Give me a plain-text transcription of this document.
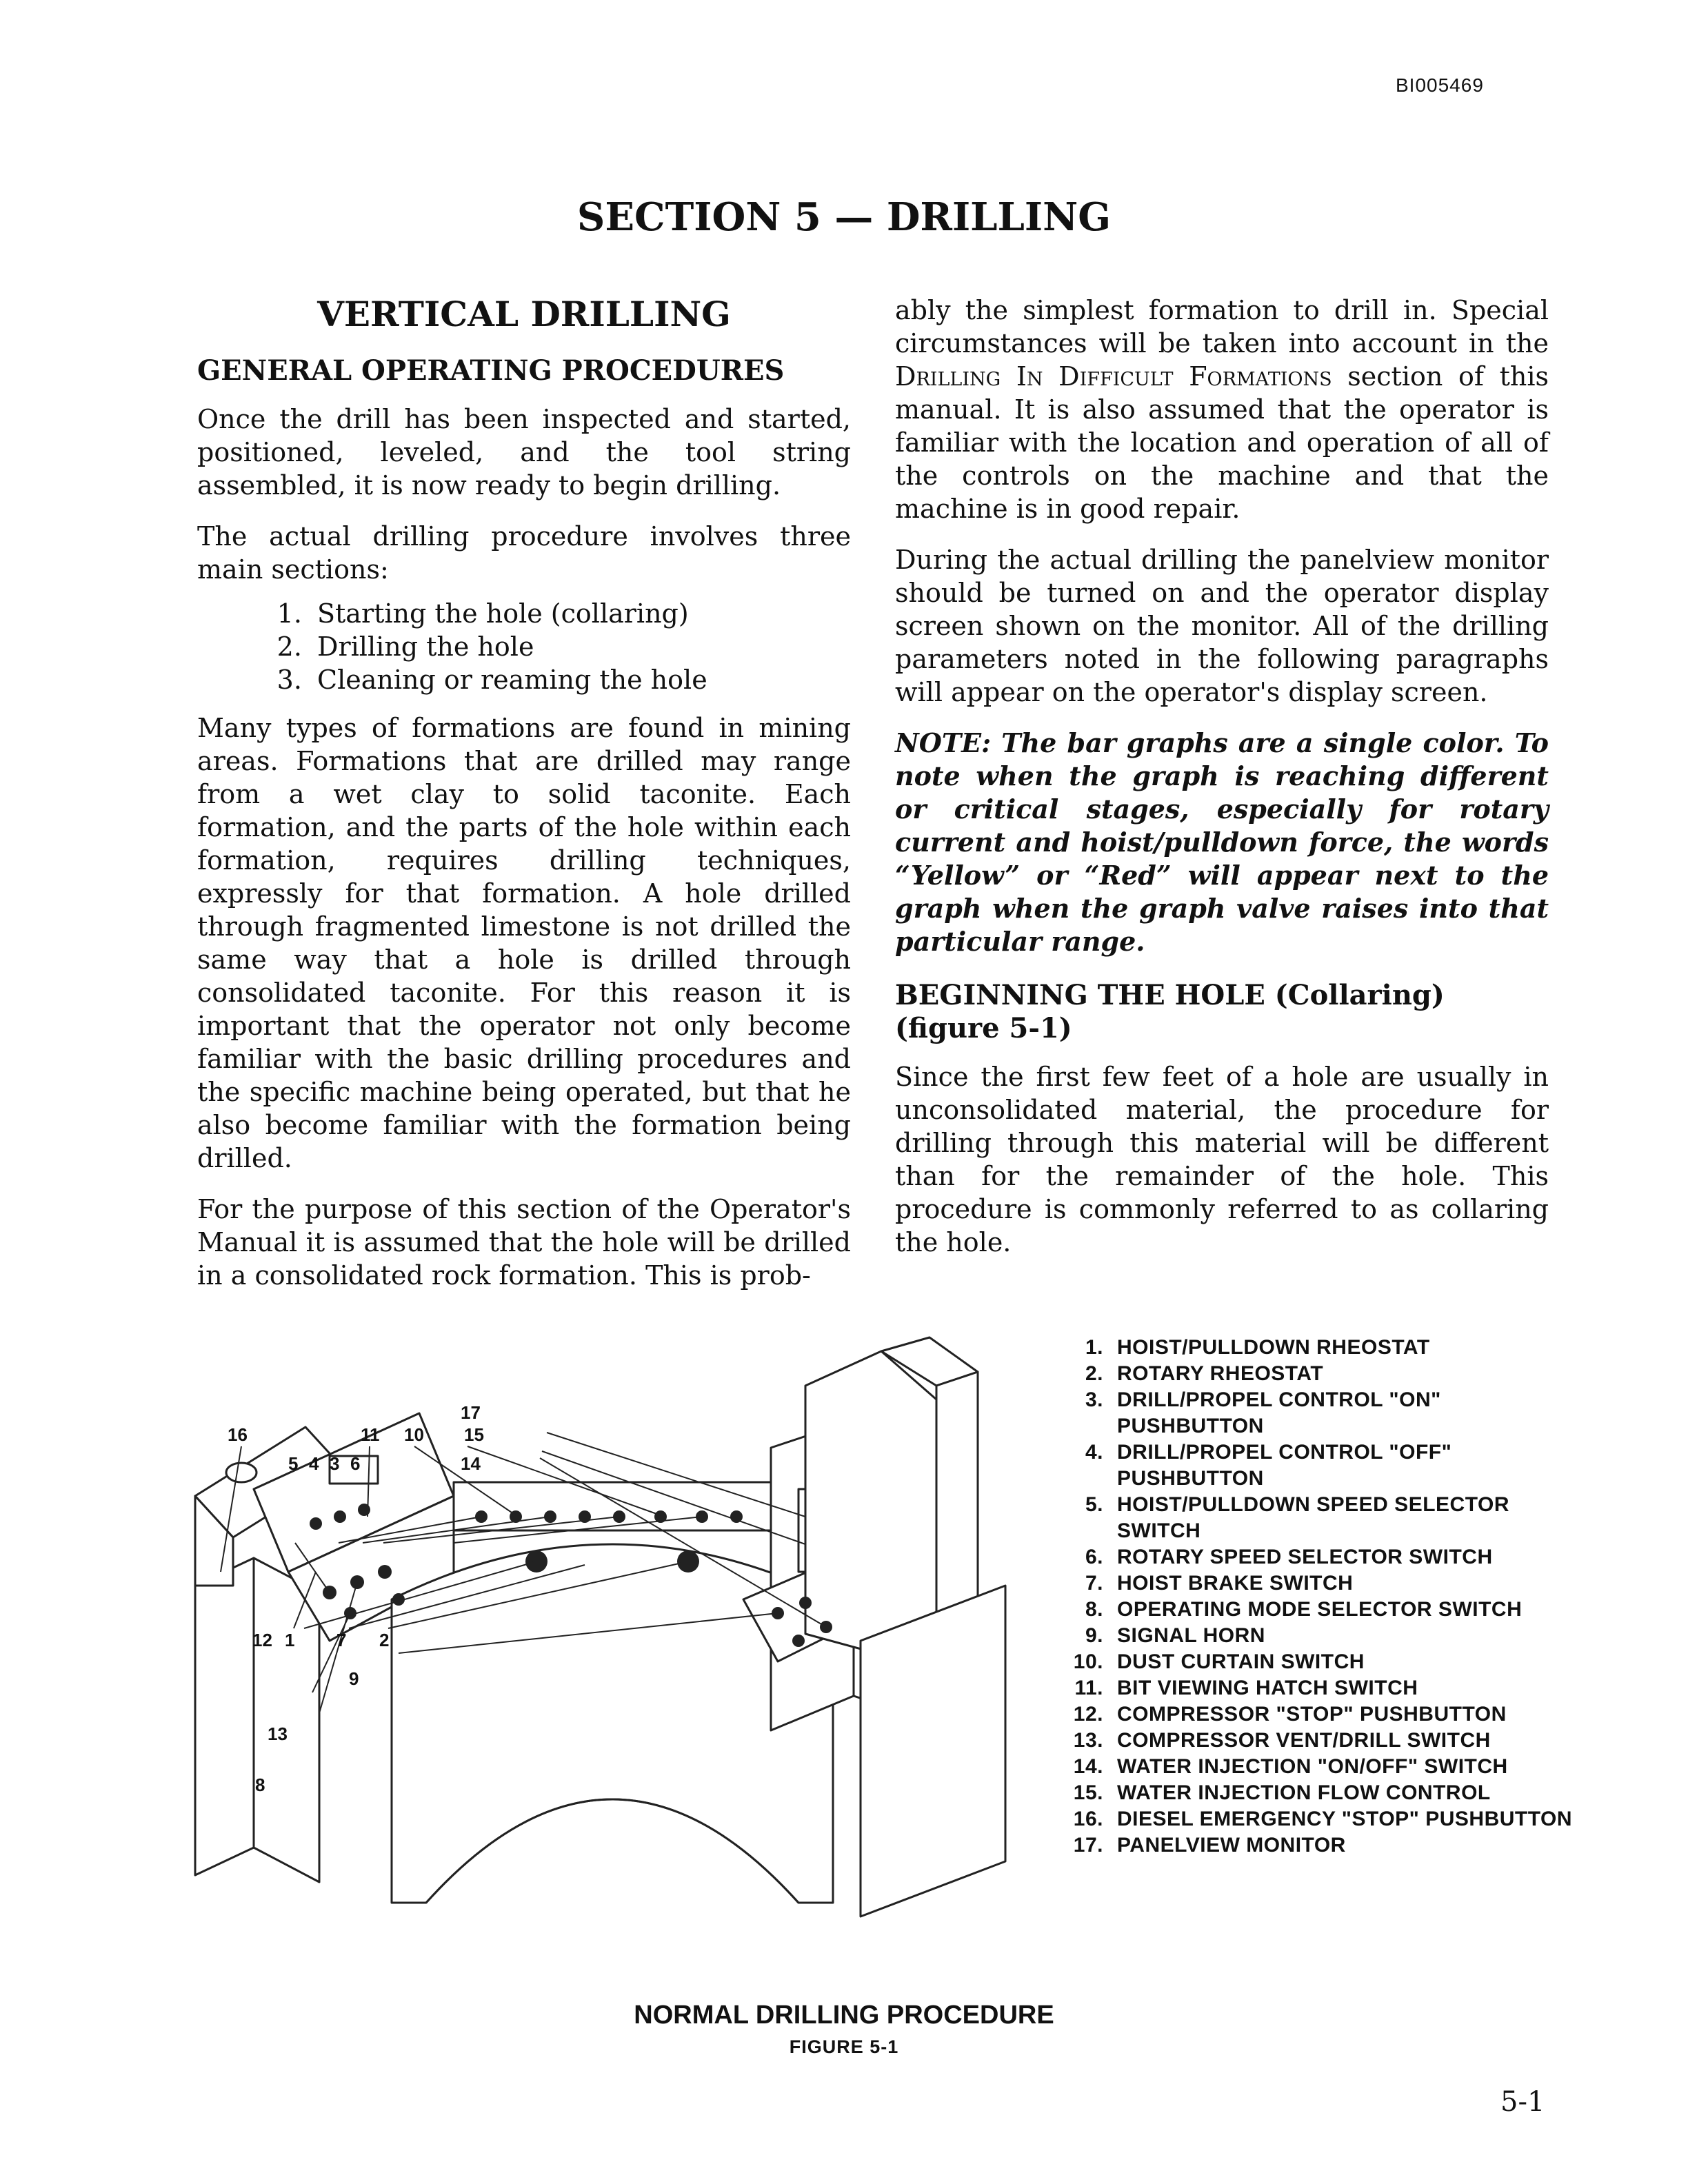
BI005469
SECTION 5 — DRILLING
VERTICAL DRILLING
GENERAL OPERATING PROCEDURES

Once the drill has been inspected and started, positioned, leveled, and the tool string assembled, it is now ready to begin drilling.

The actual drilling procedure involves three main sections:

1. Starting the hole (collaring)
2. Drilling the hole
3. Cleaning or reaming the hole

Many types of formations are found in mining areas. Formations that are drilled may range from a wet clay to solid taconite. Each formation, and the parts of the hole within each formation, requires drilling techniques, expressly for that formation. A hole drilled through fragmented limestone is not drilled the same way that a hole is drilled through consolidated taconite. For this reason it is important that the operator not only become familiar with the basic drilling procedures and the specific machine being operated, but that he also become familiar with the formation being drilled.

For the purpose of this section of the Operator's Manual it is assumed that the hole will be drilled in a consolidated rock formation. This is prob-

ably the simplest formation to drill in. Special circumstances will be taken into account in the Drilling In Difficult Formations section of this manual. It is also assumed that the operator is familiar with the location and operation of all of the controls on the machine and that the machine is in good repair.

During the actual drilling the panelview monitor should be turned on and the operator display screen shown on the monitor. All of the drilling parameters noted in the following paragraphs will appear on the operator's display screen.

NOTE: The bar graphs are a single color. To note when the graph is reaching different or critical stages, especially for rotary current and hoist/pulldown force, the words “Yellow” or “Red” will appear next to the graph when the graph valve raises into that particular range.
BEGINNING THE HOLE (Collaring) (figure 5-1)

Since the first few feet of a hole are usually in unconsolidated material, the procedure for drilling through this material will be different than for the remainder of the hole. This procedure is commonly referred to as collaring the hole.

16	11 10 15
5 4 3 6	14
17
12 1 7 2
9
13
8
1. HOIST/PULLDOWN RHEOSTAT
2. ROTARY RHEOSTAT
3. DRILL/PROPEL CONTROL "ON" PUSHBUTTON
4. DRILL/PROPEL CONTROL "OFF" PUSHBUTTON
5. HOIST/PULLDOWN SPEED SELECTOR SWITCH
6. ROTARY SPEED SELECTOR SWITCH
7. HOIST BRAKE SWITCH
8. OPERATING MODE SELECTOR SWITCH
9. SIGNAL HORN
10. DUST CURTAIN SWITCH
11. BIT VIEWING HATCH SWITCH
12. COMPRESSOR "STOP" PUSHBUTTON
13. COMPRESSOR VENT/DRILL SWITCH
14. WATER INJECTION "ON/OFF" SWITCH
15. WATER INJECTION FLOW CONTROL
16. DIESEL EMERGENCY "STOP" PUSHBUTTON
17. PANELVIEW MONITOR
NORMAL DRILLING PROCEDURE
FIGURE 5-1
5-1
